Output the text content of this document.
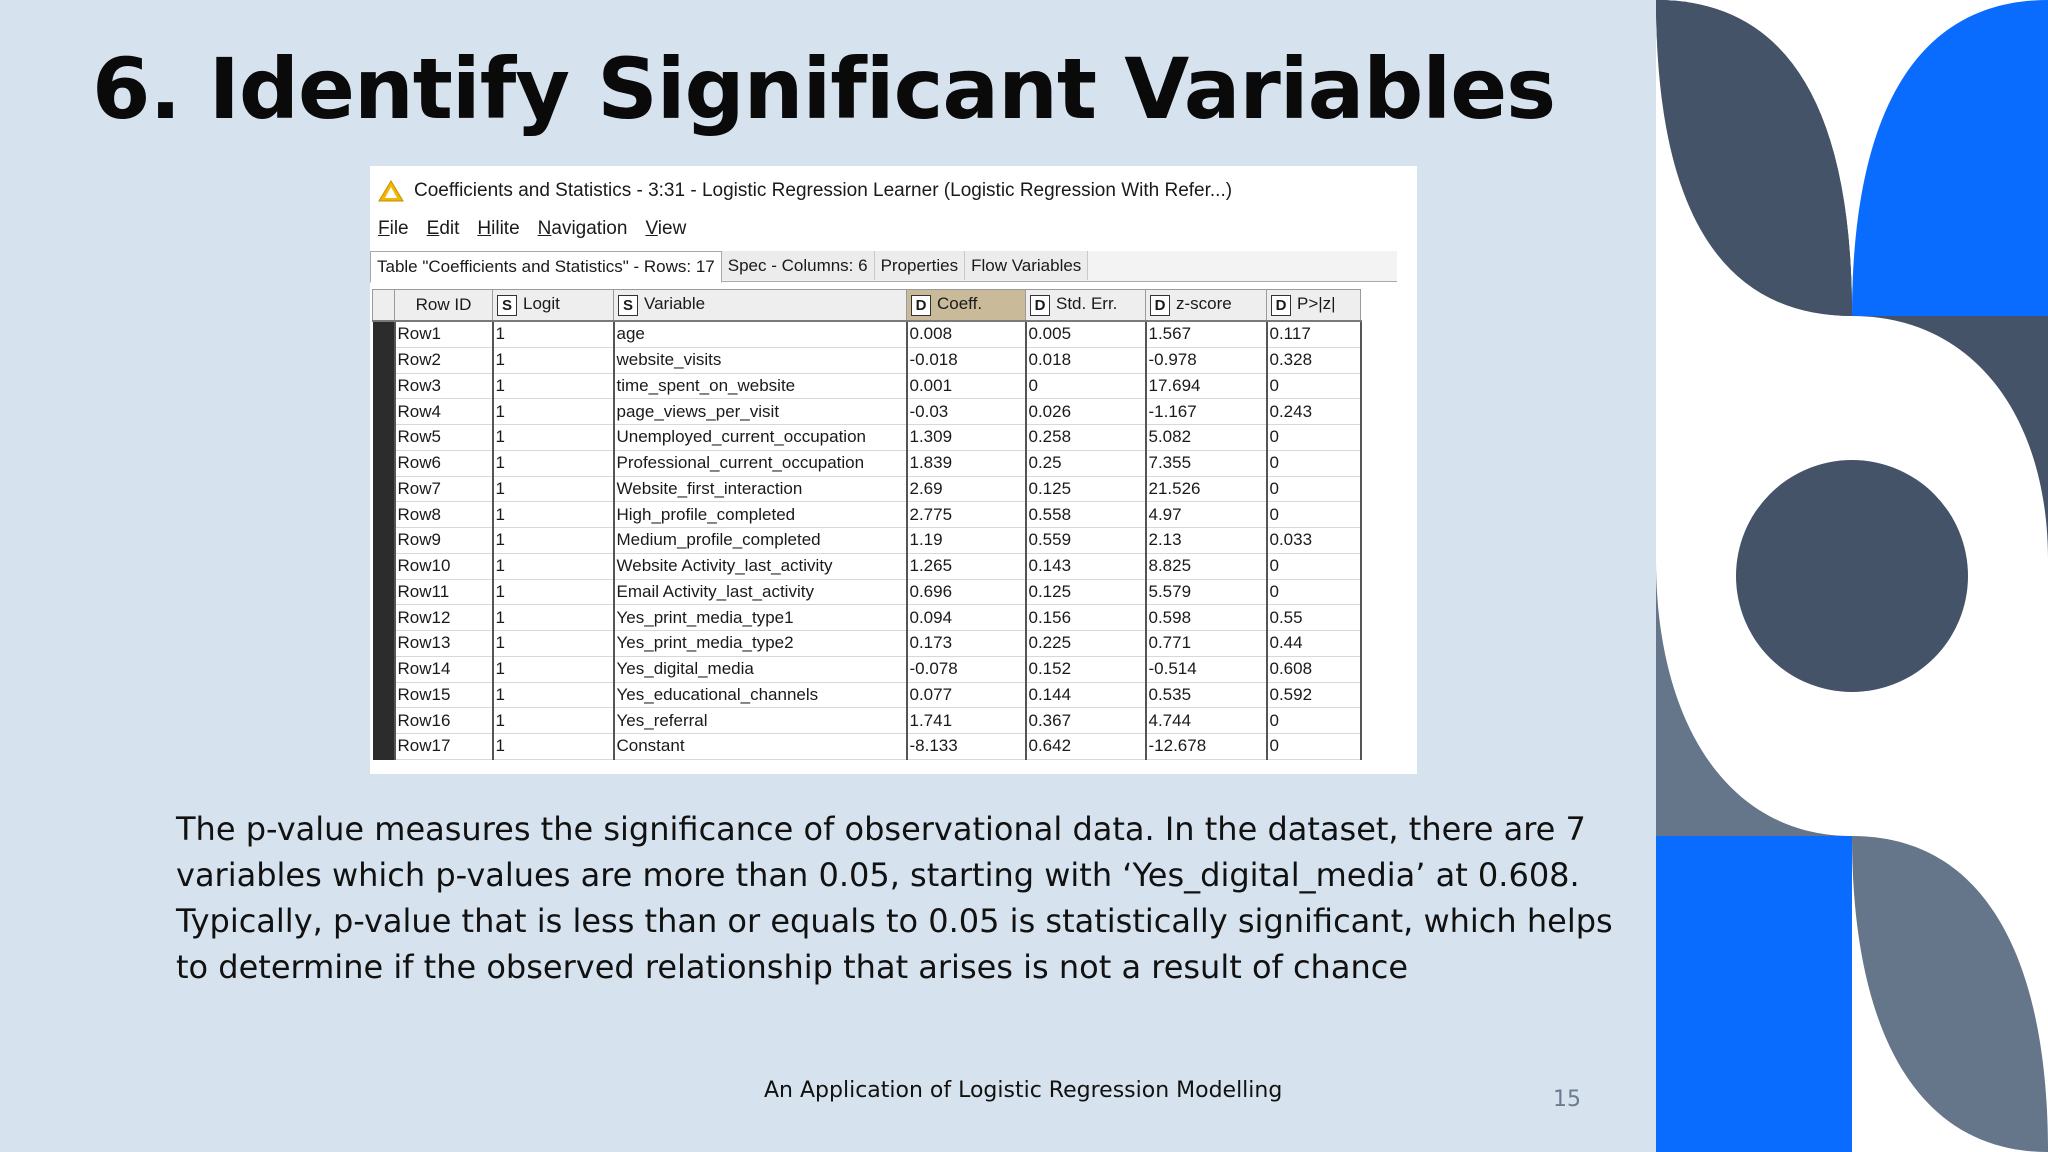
6. Identify Significant Variables
Coefficients and Statistics - 3:31 - Logistic Regression Learner (Logistic Regression With Refer...)
File Edit Hilite Navigation View
Table "Coefficients and Statistics" - Rows: 17 Spec - Columns: 6 Properties Flow Variables
	Row ID	S Logit	S Variable	D Coeff.	D Std. Err.	D z-score	D P>|z|
	Row1	1	age	0.008	0.005	1.567	0.117
	Row2	1	website_visits	-0.018	0.018	-0.978	0.328
	Row3	1	time_spent_on_website	0.001	0	17.694	0
	Row4	1	page_views_per_visit	-0.03	0.026	-1.167	0.243
	Row5	1	Unemployed_current_occupation	1.309	0.258	5.082	0
	Row6	1	Professional_current_occupation	1.839	0.25	7.355	0
	Row7	1	Website_first_interaction	2.69	0.125	21.526	0
	Row8	1	High_profile_completed	2.775	0.558	4.97	0
	Row9	1	Medium_profile_completed	1.19	0.559	2.13	0.033
	Row10	1	Website Activity_last_activity	1.265	0.143	8.825	0
	Row11	1	Email Activity_last_activity	0.696	0.125	5.579	0
	Row12	1	Yes_print_media_type1	0.094	0.156	0.598	0.55
	Row13	1	Yes_print_media_type2	0.173	0.225	0.771	0.44
	Row14	1	Yes_digital_media	-0.078	0.152	-0.514	0.608
	Row15	1	Yes_educational_channels	0.077	0.144	0.535	0.592
	Row16	1	Yes_referral	1.741	0.367	4.744	0
	Row17	1	Constant	-8.133	0.642	-12.678	0

The p-value measures the significance of observational data. In the dataset, there are 7 variables which p-values are more than 0.05, starting with ‘Yes_digital_media’ at 0.608. Typically, p-value that is less than or equals to 0.05 is statistically significant, which helps to determine if the observed relationship that arises is not a result of chance

An Application of Logistic Regression Modelling	15
